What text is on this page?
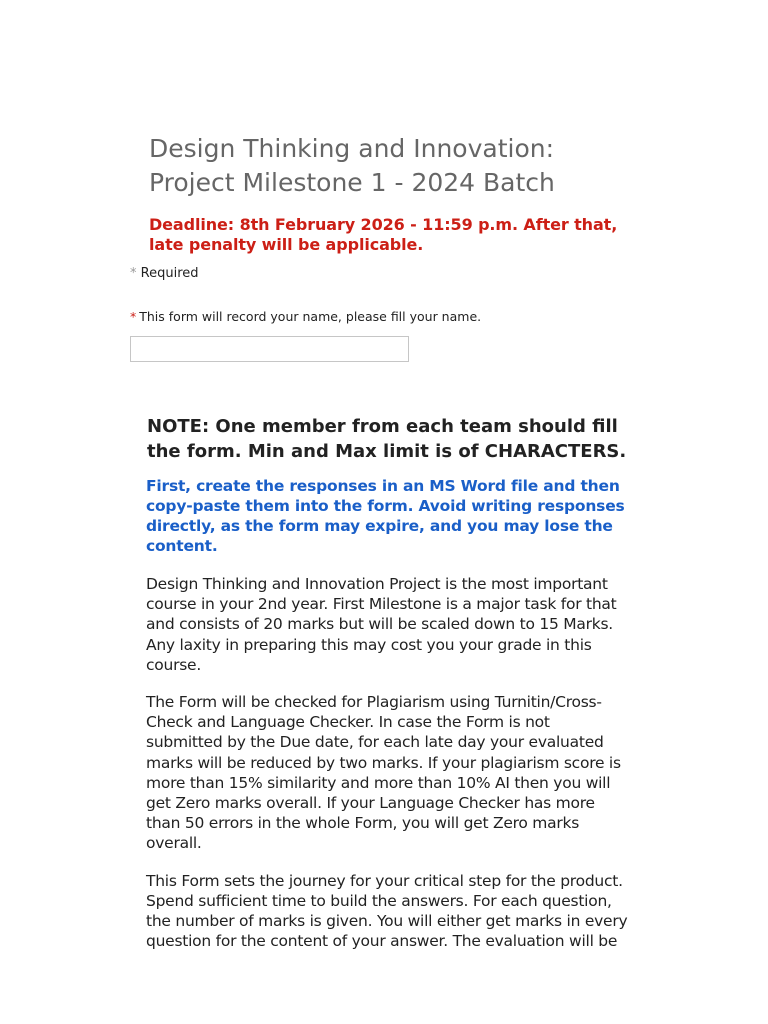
Design Thinking and Innovation:
Project Milestone 1 - 2024 Batch

Deadline: 8th February 2026 - 11:59 p.m. After that, late penalty will be applicable.

* Required
* This form will record your name, please fill your name.

NOTE: One member from each team should fill the form. Min and Max limit is of CHARACTERS.

First, create the responses in an MS Word file and then copy-paste them into the form. Avoid writing responses directly, as the form may expire, and you may lose the content.

Design Thinking and Innovation Project is the most important course in your 2nd year. First Milestone is a major task for that and consists of 20 marks but will be scaled down to 15 Marks. Any laxity in preparing this may cost you your grade in this course.

The Form will be checked for Plagiarism using Turnitin/Cross-Check and Language Checker. In case the Form is not submitted by the Due date, for each late day your evaluated marks will be reduced by two marks. If your plagiarism score is more than 15% similarity and more than 10% AI then you will get Zero marks overall. If your Language Checker has more than 50 errors in the whole Form, you will get Zero marks overall.

This Form sets the journey for your critical step for the product. Spend sufficient time to build the answers. For each question, the number of marks is given. You will either get marks in every question for the content of your answer. The evaluation will be
